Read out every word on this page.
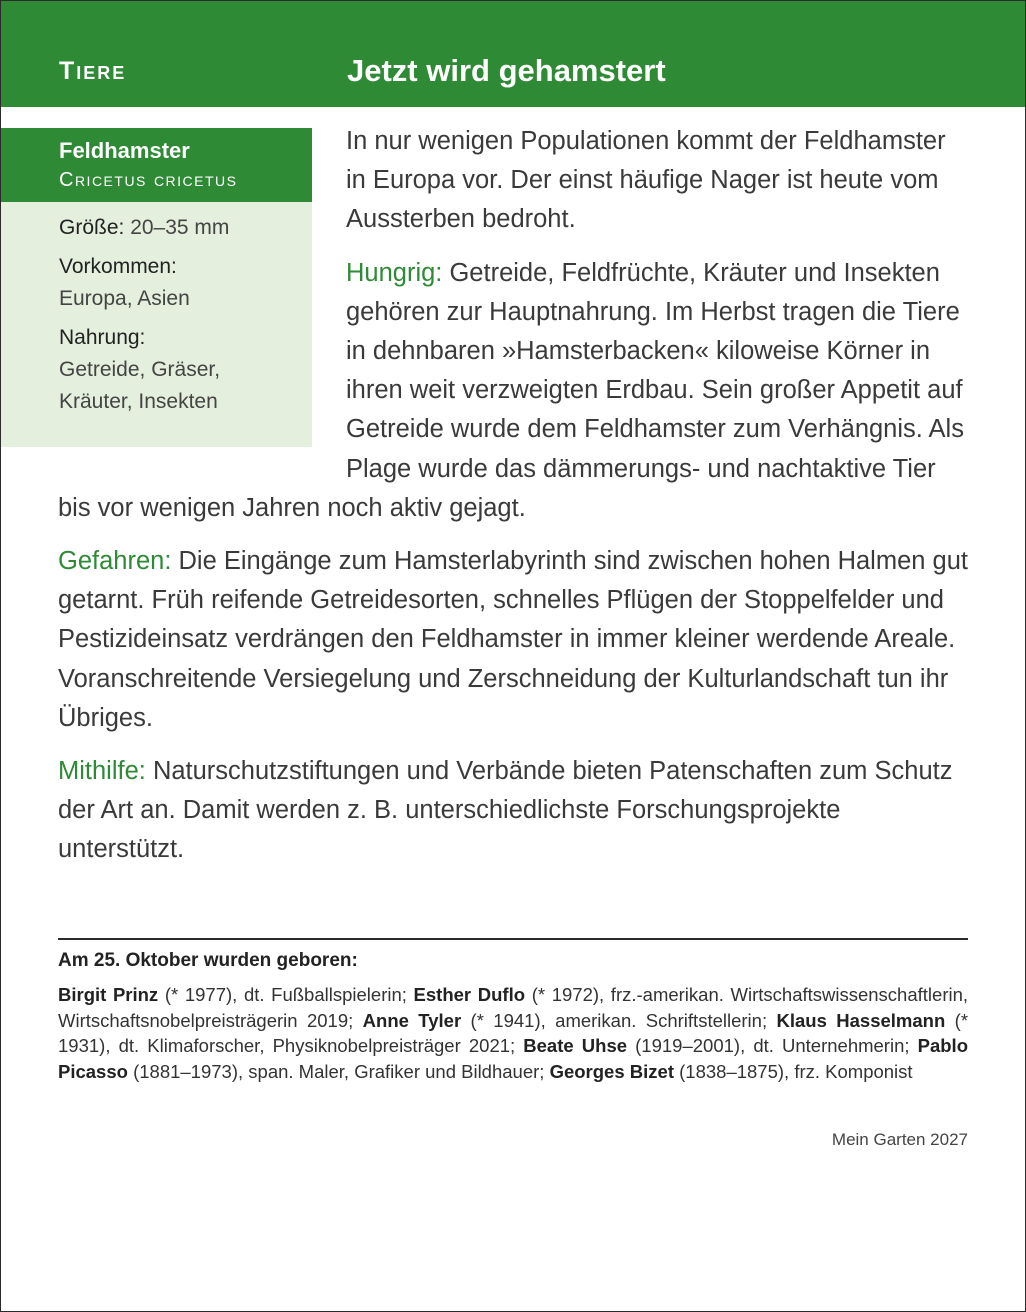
Tiere	Jetzt wird gehamstert

In nur wenigen Populationen kommt der Feldhamster in Europa vor. Der einst häufige Nager ist heute vom Aussterben bedroht.

Hungrig: Getreide, Feldfrüchte, Kräuter und Insekten gehören zur Hauptnahrung. Im Herbst tragen die Tiere in dehnbaren »Hamsterbacken« kiloweise Körner in ihren weit verzweigten Erdbau. Sein großer Appetit auf Getreide wurde dem Feldhamster zum Verhängnis. Als Plage wurde das dämmerungs- und nachtaktive Tier bis vor wenigen Jahren noch aktiv gejagt.

Gefahren: Die Eingänge zum Hamsterlabyrinth sind zwischen hohen Halmen gut getarnt. Früh reifende Getreidesorten, schnelles Pflügen der Stoppelfelder und Pestizideinsatz verdrängen den Feldhamster in immer kleiner werdende Areale. Voranschreitende Versiegelung und Zerschneidung der Kulturlandschaft tun ihr Übriges.

Mithilfe: Naturschutzstiftungen und Verbände bieten Patenschaften zum Schutz der Art an. Damit werden z. B. unterschiedlichste Forschungsprojekte unterstützt.

Feldhamster
Cricetus cricetus
Größe: 20–35 mm
Vorkommen:
Europa, Asien
Nahrung:
Getreide, Gräser,
Kräuter, Insekten
Am 25. Oktober wurden geboren:
Birgit Prinz (* 1977), dt. Fußballspielerin; Esther Duflo (* 1972), frz.-amerikan. Wirtschaftswissenschaftlerin, Wirtschaftsnobelpreisträgerin 2019; Anne Tyler (* 1941), amerikan. Schriftstellerin; Klaus Hasselmann (* 1931), dt. Klimaforscher, Physiknobelpreisträger 2021; Beate Uhse (1919–2001), dt. Unternehmerin; Pablo Picasso (1881–1973), span. Maler, Grafiker und Bildhauer; Georges Bizet (1838–1875), frz. Komponist
Mein Garten 2027
